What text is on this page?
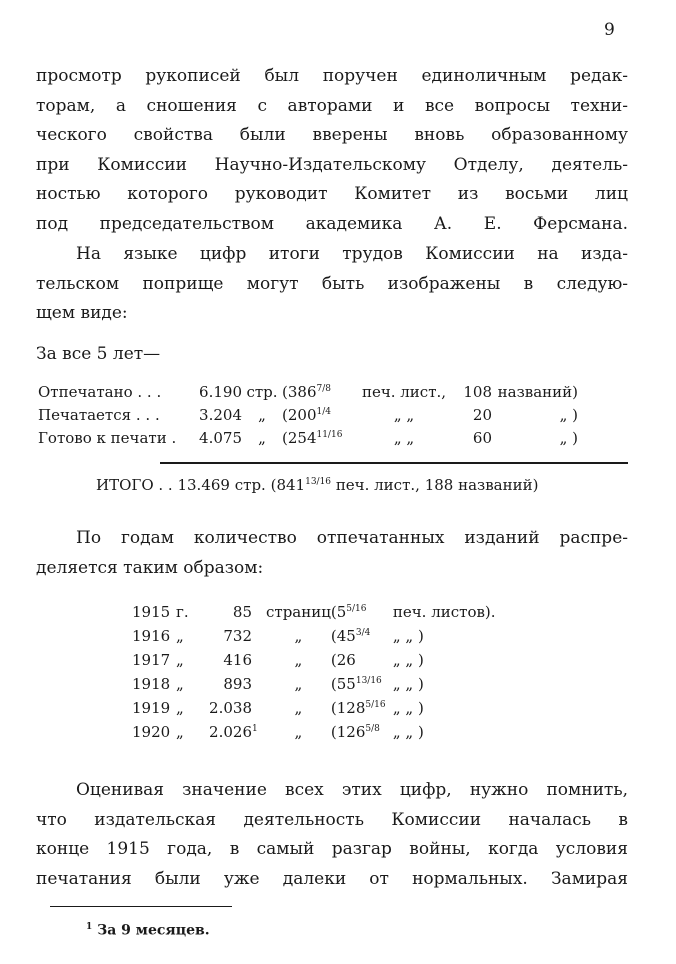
9
просмотр рукописей был поручен единоличным редак-
торам, а сношения с авторами и все вопросы техни-
ческого свойства были вверены вновь образованному
при Комиссии Научно-Издательскому Отделу, деятель-
ностью которого руководит Комитет из восьми лиц
под председательством академика А. Е. Ферсмана.
На языке цифр итоги трудов Комиссии на изда-
тельском поприще могут быть изображены в следую-
щем виде:
За все 5 лет—
Отпечатано . . .	6.190	стр.	($386^{7/8}$	печ. лист.,	108	названий)
Печатается . . .	3.204	„	($200^{1/4}$	„ „	20	„ )
Готово к печати .	4.075	„	($254^{11/16}$	„ „	60	„ )
ИТОГО . . 13.469 стр. ($841^{13/16}$ печ. лист., 188 названий)
По годам количество отпечатанных изданий распре-
деляется таким образом:
1915	г.	85		страниц	($5^{5/16}$	печ. листов).
1916	„	732		„	($45^{3/4}$	„ „ )
1917	„	416		„	(26	„ „ )
1918	„	893		„	($55^{13/16}$	„ „ )
1919	„	2.038		„	($128^{5/16}$	„ „ )
1920	„	2.026	$^1$	„	($126^{5/8}$	„ „ )
Оценивая значение всех этих цифр, нужно помнить,
что издательская деятельность Комиссии началась в
конце 1915 года, в самый разгар войны, когда условия
печатания были уже далеки от нормальных. Замирая
$^1$ За 9 месяцев.
